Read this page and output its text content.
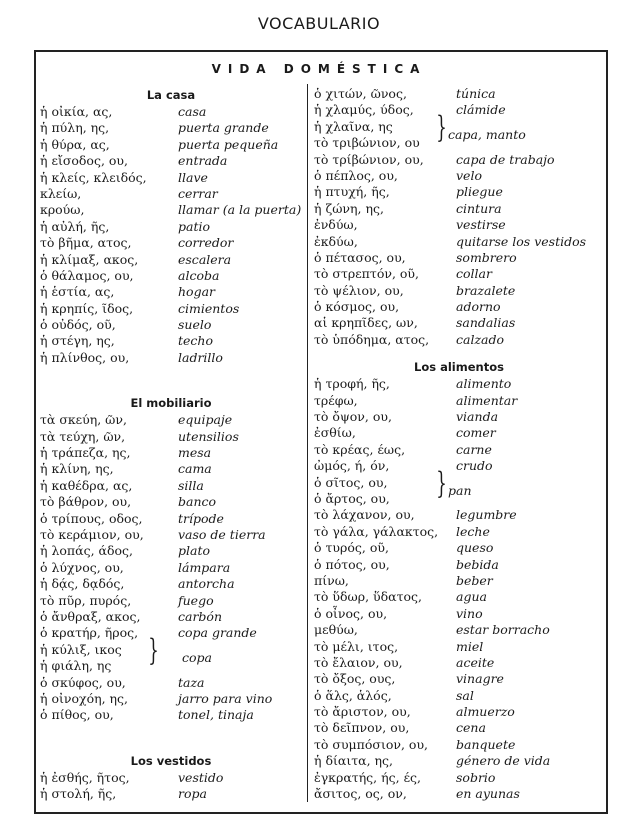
VOCABULARIO
VIDA DOMÉSTICA
La casa
ἡ οἰκία, ας,	casa
ἡ πύλη, ης,	puerta grande
ἡ θύρα, ας,	puerta pequeña
ἡ εἴσοδος, ου,	entrada
ἡ κλείς, κλειδός,	llave
κλείω,	cerrar
κρούω,	llamar (a la puerta)
ἡ αὐλή, ῆς,	patio
τὸ βῆμα, ατος,	corredor
ἡ κλίμαξ, ακος,	escalera
ὁ θάλαμος, ου,	alcoba
ἡ ἑστία, ας,	hogar
ἡ κρηπίς, ῖδος,	cimientos
ὁ οὐδός, οῦ,	suelo
ἡ στέγη, ης,	techo
ἡ πλίνθος, ου,	ladrillo
El mobiliario
τὰ σκεύη, ῶν,	equipaje
τὰ τεύχη, ῶν,	utensilios
ἡ τράπεζα, ης,	mesa
ἡ κλίνη, ης,	cama
ἡ καθέδρα, ας,	silla
τὸ βάθρον, ου,	banco
ὁ τρίπους, οδος,	trípode
τὸ κεράμιον, ου,	vaso de tierra
ἡ λοπάς, άδος,	plato
ὁ λύχνος, ου,	lámpara
ἡ δᾴς, δᾳδός,	antorcha
τὸ πῦρ, πυρός,	fuego
ὁ ἄνθραξ, ακος,	carbón
ὁ κρατήρ, ῆρος,	copa grande
ἡ κύλιξ, ικος } copa
ἡ φιάλη, ης
ὁ σκύφος, ου,	taza
ἡ οἰνοχόη, ης,	jarro para vino
ὁ πίθος, ου,	tonel, tinaja
Los vestidos
ἡ ἐσθής, ῆτος,	vestido
ἡ στολή, ῆς,	ropa
ὁ χιτών, ῶνος,	túnica
ἡ χλαμύς, ύδος,	clámide
ἡ χλαῖνα, ης } capa, manto
τὸ τριβώνιον, ου
τὸ τρίβώνιον, ου,	capa de trabajo
ὁ πέπλος, ου,	velo
ἡ πτυχή, ῆς,	pliegue
ἡ ζώνη, ης,	cintura
ἐνδύω,	vestirse
ἐκδύω,	quitarse los vestidos
ὁ πέτασος, ου,	sombrero
τὸ στρεπτόν, οῦ,	collar
τὸ ψέλιον, ου,	brazalete
ὁ κόσμος, ου,	adorno
αἱ κρηπῖδες, ων,	sandalias
τὸ ὑπόδημα, ατος, calzado
Los alimentos
ἡ τροφή, ῆς,	alimento
τρέφω,	alimentar
τὸ ὄψον, ου,	vianda
ἐσθίω,	comer
τὸ κρέας, έως,	carne
ὠμός, ή, όν,	crudo
ὁ σῖτος, ου, } pan
ὁ ἄρτος, ου,
τὸ λάχανον, ου,	legumbre
τὸ γάλα, γάλακτος, leche
ὁ τυρός, οῦ,	queso
ὁ πότος, ου,	bebida
πίνω,	beber
τὸ ὕδωρ, ὕδατος,	agua
ὁ οἶνος, ου,	vino
μεθύω,	estar borracho
τὸ μέλι, ιτος,	miel
τὸ ἔλαιον, ου,	aceite
τὸ ὄξος, ους,	vinagre
ὁ ἅλς, ἁλός,	sal
τὸ ἄριστον, ου,	almuerzo
τὸ δεῖπνον, ου,	cena
τὸ συμπόσιον, ου, banquete
ἡ δίαιτα, ης,	género de vida
ἐγκρατής, ής, ές,	sobrio
ἄσιτος, ος, ον,	en ayunas
